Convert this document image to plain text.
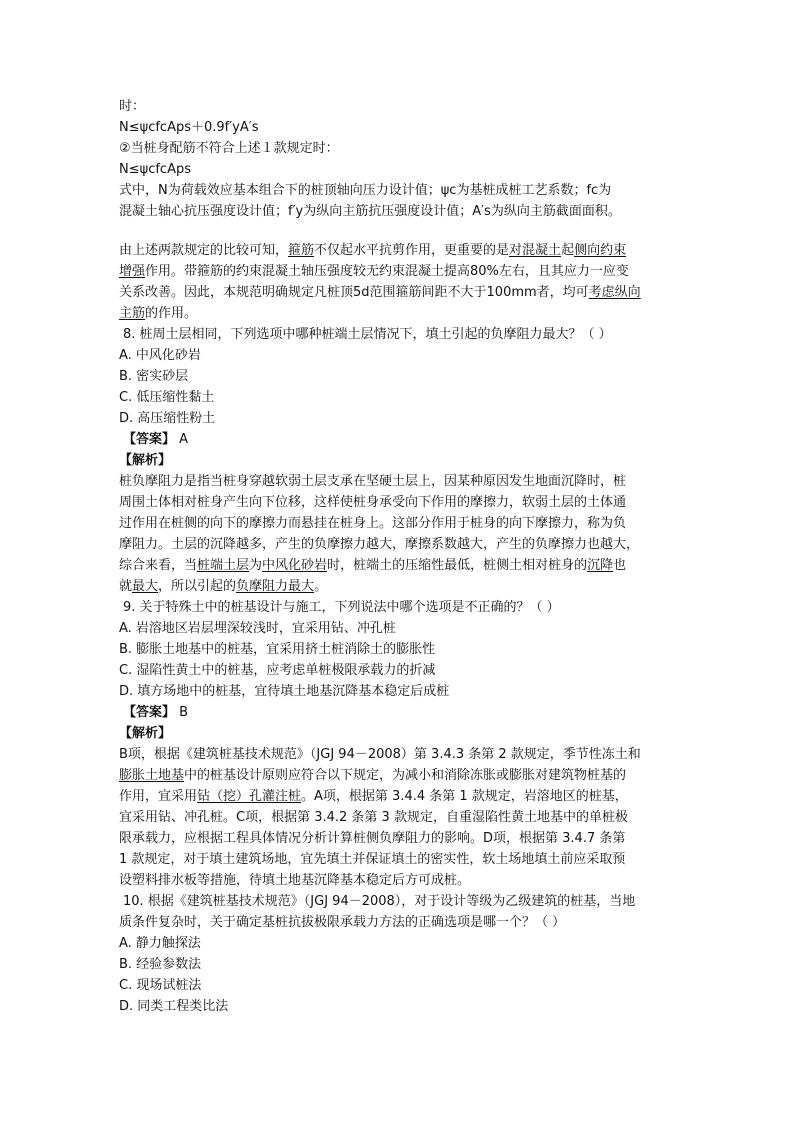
时：
N≤ψcfcAps＋0.9f′yA′s
②当桩身配筋不符合上述１款规定时：
N≤ψcfcAps
式中，N为荷载效应基本组合下的桩顶轴向压力设计值；ψc为基桩成桩工艺系数；fc为
混凝土轴心抗压强度设计值；f′y为纵向主筋抗压强度设计值；A′s为纵向主筋截面面积。
由上述两款规定的比较可知，箍筋不仅起水平抗剪作用，更重要的是对混凝土起侧向约束
增强作用。带箍筋的约束混凝土轴压强度较无约束混凝土提高80%左右，且其应力一应变
关系改善。因此，本规范明确规定凡桩顶5d范围箍筋间距不大于100mm者，均可考虑纵向
主筋的作用。
8. 桩周土层相同，下列选项中哪种桩端土层情况下，填土引起的负摩阻力最大？（ ）
A. 中风化砂岩
B. 密实砂层
C. 低压缩性黏土
D. 高压缩性粉土
【答案】 A
【解析】
桩负摩阻力是指当桩身穿越软弱土层支承在坚硬土层上，因某种原因发生地面沉降时，桩
周围土体相对桩身产生向下位移，这样使桩身承受向下作用的摩擦力，软弱土层的土体通
过作用在桩侧的向下的摩擦力而悬挂在桩身上。这部分作用于桩身的向下摩擦力，称为负
摩阻力。土层的沉降越多，产生的负摩擦力越大，摩擦系数越大，产生的负摩擦力也越大，
综合来看，当桩端土层为中风化砂岩时，桩端土的压缩性最低，桩侧土相对桩身的沉降也
就最大，所以引起的负摩阻力最大。
9. 关于特殊土中的桩基设计与施工，下列说法中哪个选项是不正确的？（ ）
A. 岩溶地区岩层埋深较浅时，宜采用钻、冲孔桩
B. 膨胀土地基中的桩基，宜采用挤土桩消除土的膨胀性
C. 湿陷性黄土中的桩基，应考虑单桩极限承载力的折减
D. 填方场地中的桩基，宜待填土地基沉降基本稳定后成桩
【答案】 B
【解析】
B项，根据《建筑桩基技术规范》（JGJ 94－2008）第 3.4.3 条第 2 款规定，季节性冻土和
膨胀土地基中的桩基设计原则应符合以下规定，为减小和消除冻胀或膨胀对建筑物桩基的
作用，宜采用钻（挖）孔灌注桩。A项，根据第 3.4.4 条第 1 款规定，岩溶地区的桩基，
宜采用钻、冲孔桩。C项，根据第 3.4.2 条第 3 款规定，自重湿陷性黄土地基中的单桩极
限承载力，应根据工程具体情况分析计算桩侧负摩阻力的影响。D项，根据第 3.4.7 条第
1 款规定，对于填土建筑场地，宜先填土并保证填土的密实性，软土场地填土前应采取预
设塑料排水板等措施，待填土地基沉降基本稳定后方可成桩。
10. 根据《建筑桩基技术规范》（JGJ 94－2008），对于设计等级为乙级建筑的桩基，当地
质条件复杂时，关于确定基桩抗拔极限承载力方法的正确选项是哪一个？（ ）
A. 静力触探法
B. 经验参数法
C. 现场试桩法
D. 同类工程类比法
